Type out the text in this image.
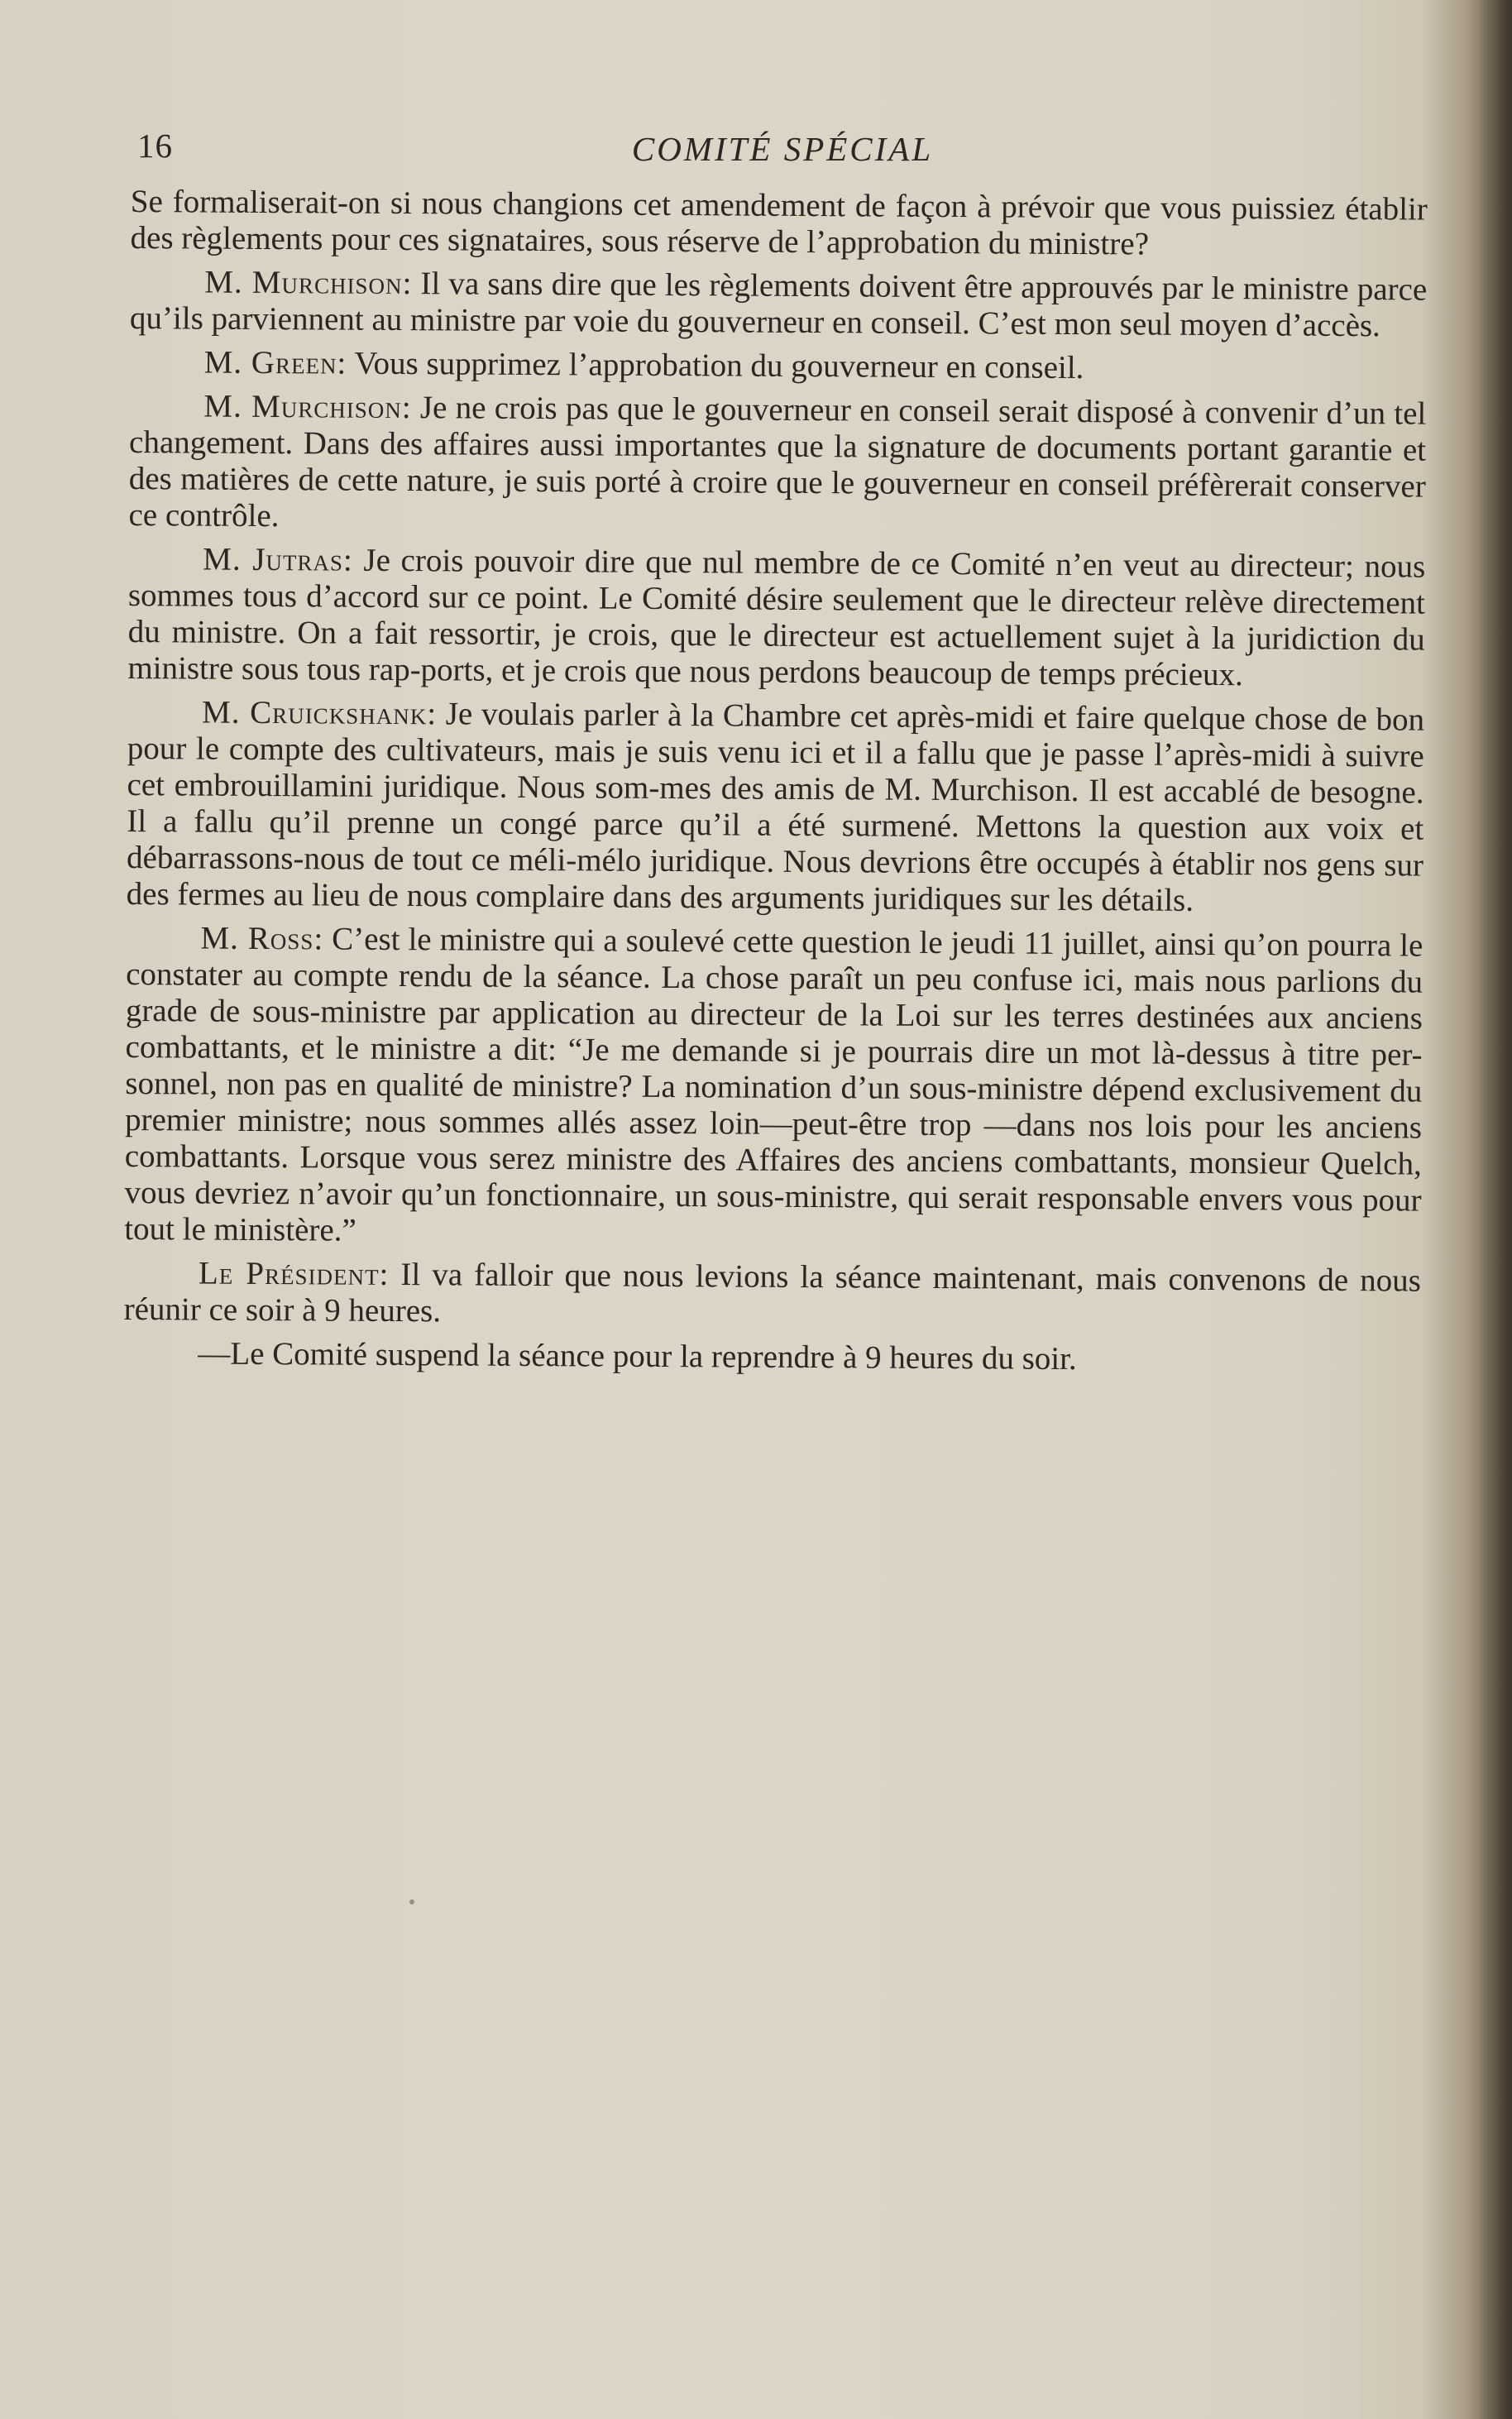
16	COMITÉ SPÉCIAL

Se formaliserait-on si nous changions cet amendement de façon à prévoir que vous puissiez établir des règlements pour ces signataires, sous réserve de l’approbation du ministre?

M. Murchison: Il va sans dire que les règlements doivent être approuvés par le ministre parce qu’ils parviennent au ministre par voie du gouverneur en conseil. C’est mon seul moyen d’accès.

M. Green: Vous supprimez l’approbation du gouverneur en conseil.

M. Murchison: Je ne crois pas que le gouverneur en conseil serait disposé à convenir d’un tel changement. Dans des affaires aussi importantes que la signature de documents portant garantie et des matières de cette nature, je suis porté à croire que le gouverneur en conseil préfèrerait conserver ce contrôle.

M. Jutras: Je crois pouvoir dire que nul membre de ce Comité n’en veut au directeur; nous sommes tous d’accord sur ce point. Le Comité désire seulement que le directeur relève directement du ministre. On a fait ressortir, je crois, que le directeur est actuellement sujet à la juridiction du ministre sous tous rap-ports, et je crois que nous perdons beaucoup de temps précieux.

M. Cruickshank: Je voulais parler à la Chambre cet après-midi et faire quelque chose de bon pour le compte des cultivateurs, mais je suis venu ici et il a fallu que je passe l’après-midi à suivre cet embrouillamini juridique. Nous som-mes des amis de M. Murchison. Il est accablé de besogne. Il a fallu qu’il prenne un congé parce qu’il a été surmené. Mettons la question aux voix et débarrassons-nous de tout ce méli-mélo juridique. Nous devrions être occupés à établir nos gens sur des fermes au lieu de nous complaire dans des arguments juridiques sur les détails.

M. Ross: C’est le ministre qui a soulevé cette question le jeudi 11 juillet, ainsi qu’on pourra le constater au compte rendu de la séance. La chose paraît un peu confuse ici, mais nous parlions du grade de sous-ministre par application au directeur de la Loi sur les terres destinées aux anciens combattants, et le ministre a dit: “Je me demande si je pourrais dire un mot là-dessus à titre per-sonnel, non pas en qualité de ministre? La nomination d’un sous-ministre dépend exclusivement du premier ministre; nous sommes allés assez loin—peut-être trop —dans nos lois pour les anciens combattants. Lorsque vous serez ministre des Affaires des anciens combattants, monsieur Quelch, vous devriez n’avoir qu’un fonctionnaire, un sous-ministre, qui serait responsable envers vous pour tout le ministère.”

Le Président: Il va falloir que nous levions la séance maintenant, mais convenons de nous réunir ce soir à 9 heures.

—Le Comité suspend la séance pour la reprendre à 9 heures du soir.
